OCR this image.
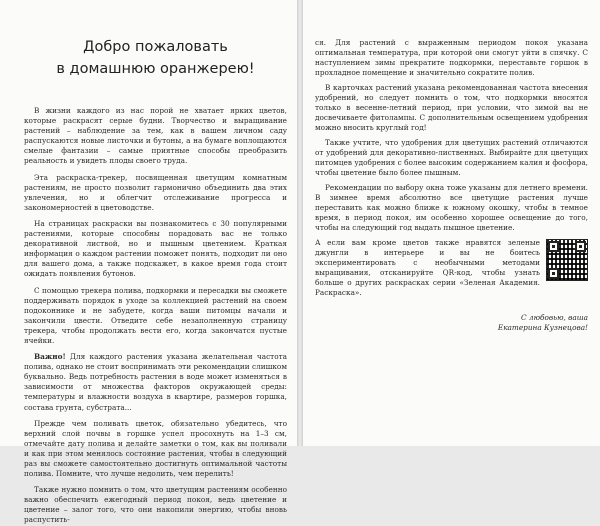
Добро пожаловать
в домашнюю оранжерею!

В жизни каждого из нас порой не хватает ярких цветов, которые раскрасят серые будни. Творчество и выращивание растений – наблюдение за тем, как в вашем личном саду распускаются новые листочки и бутоны, а на бумаге воплощаются смелые фантазии – самые приятные способы преобразить реальность и увидеть плоды своего труда.

Эта раскраска-трекер, посвященная цветущим комнатным растениям, не просто позволит гармонично объединить два этих увлечения, но и облегчит отслеживание прогресса и закономерностей в цветоводстве.

На страницах раскраски вы познакомитесь с 30 популярными растениями, которые способны порадовать вас не только декоративной листвой, но и пышным цветением. Краткая информация о каждом растении поможет понять, подходит ли оно для вашего дома, а также подскажет, в какое время года стоит ожидать появления бутонов.

С помощью трекера полива, подкормки и пересадки вы сможете поддерживать порядок в уходе за коллекцией растений на своем подоконнике и не забудете, когда ваши питомцы начали и закончили цвести. Отведите себе незаполненную страницу трекера, чтобы продолжать вести его, когда закончатся пустые ячейки.

Важно! Для каждого растения указана желательная частота полива, однако не стоит воспринимать эти рекомендации слишком буквально. Ведь потребность растения в воде может изменяться в зависимости от множества факторов окружающей среды: температуры и влажности воздуха в квартире, размеров горшка, состава грунта, субстрата...

Прежде чем поливать цветок, обязательно убедитесь, что верхний слой почвы в горшке успел просохнуть на 1–3 см, отмечайте дату полива и делайте заметки о том, как вы поливали и как при этом менялось состояние растения, чтобы в следующий раз вы сможете самостоятельно достигнуть оптимальной частоты полива. Помните, что лучше недолить, чем перелить!

Также нужно помнить о том, что цветущим растениям особенно важно обеспечить ежегодный период покоя, ведь цветение и цветение – залог того, что они накопили энергию, чтобы вновь распустить-

ся. Для растений с выраженным периодом покоя указана оптимальная температура, при которой они смогут уйти в спячку. С наступлением зимы прекратите подкормки, переставьте горшок в прохладное помещение и значительно сократите полив.

В карточках растений указана рекомендованная частота внесения удобрений, но следует помнить о том, что подкормки вносятся только в весенне-летний период, при условии, что зимой вы не досвечиваете фитолампы. С дополнительным освещением удобрения можно вносить круглый год!

Также учтите, что удобрения для цветущих растений отличаются от удобрений для декоративно-лиственных. Выбирайте для цветущих питомцев удобрения с более высоким содержанием калия и фосфора, чтобы цветение было более пышным.

Рекомендации по выбору окна тоже указаны для летнего времени. В зимнее время абсолютно все цветущие растения лучше переставить как можно ближе к южному окошку, чтобы в темное время, в период покоя, им особенно хорошее освещение до того, чтобы на следующий год выдать пышное цветение.

А если вам кроме цветов также нравятся зеленые джунгли в интерьере и вы не боитесь экспериментировать с необычными методами выращивания, отсканируйте QR-код, чтобы узнать больше о других раскрасках серии «Зеленая Академия. Раскраска».

С любовью, ваша
Екатерина Кузнецова!
